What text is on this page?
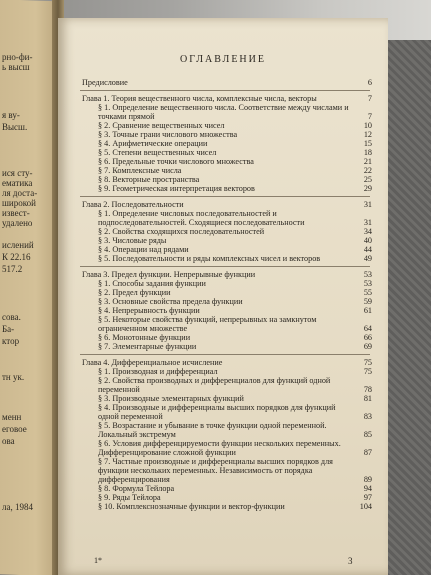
рно-фи-
ь высш
я ву-
Высш.
ися сту-
ематика
ля доста-
широкой
извест-
удалено
ислений
К 22.16
517.2
сова.
Ба-
ктор
тн ук.
менн
еговое
ова
ла, 1984
ОГЛАВЛЕНИЕ
Предисловие	6
Глава 1. Теория вещественного числа, комплексные числа, векторы	7
§ 1. Определение вещественного числа. Соответствие между числами и точками прямой	7
§ 2. Сравнение вещественных чисел	10
§ 3. Точные грани числового множества	12
§ 4. Арифметические операции	15
§ 5. Степени вещественных чисел	18
§ 6. Предельные точки числового множества	21
§ 7. Комплексные числа	22
§ 8. Векторные пространства	25
§ 9. Геометрическая интерпретация векторов	29
Глава 2. Последовательности	31
§ 1. Определение числовых последовательностей и подпоследовательностей. Сходящиеся последовательности	31
§ 2. Свойства сходящихся последовательностей	34
§ 3. Числовые ряды	40
§ 4. Операции над рядами	44
§ 5. Последовательности и ряды комплексных чисел и векторов	49
Глава 3. Предел функции. Непрерывные функции	53
§ 1. Способы задания функции	53
§ 2. Предел функции	55
§ 3. Основные свойства предела функции	59
§ 4. Непрерывность функции	61
§ 5. Некоторые свойства функций, непрерывных на замкнутом ограниченном множестве	64
§ 6. Монотонные функции	66
§ 7. Элементарные функции	69
Глава 4. Дифференциальное исчисление	75
§ 1. Производная и дифференциал	75
§ 2. Свойства производных и дифференциалов для функций одной переменной	78
§ 3. Производные элементарных функций	81
§ 4. Производные и дифференциалы высших порядков для функций одной переменной	83
§ 5. Возрастание и убывание в точке функции одной переменной. Локальный экстремум	85
§ 6. Условия дифференцируемости функции нескольких переменных. Дифференцирование сложной функции	87
§ 7. Частные производные и дифференциалы высших порядков для функции нескольких переменных. Независимость от порядка дифференцирования	89
§ 8. Формула Тейлора	94
§ 9. Ряды Тейлора	97
§ 10. Комплекснозначные функции и вектор-функции	104
1*	3
